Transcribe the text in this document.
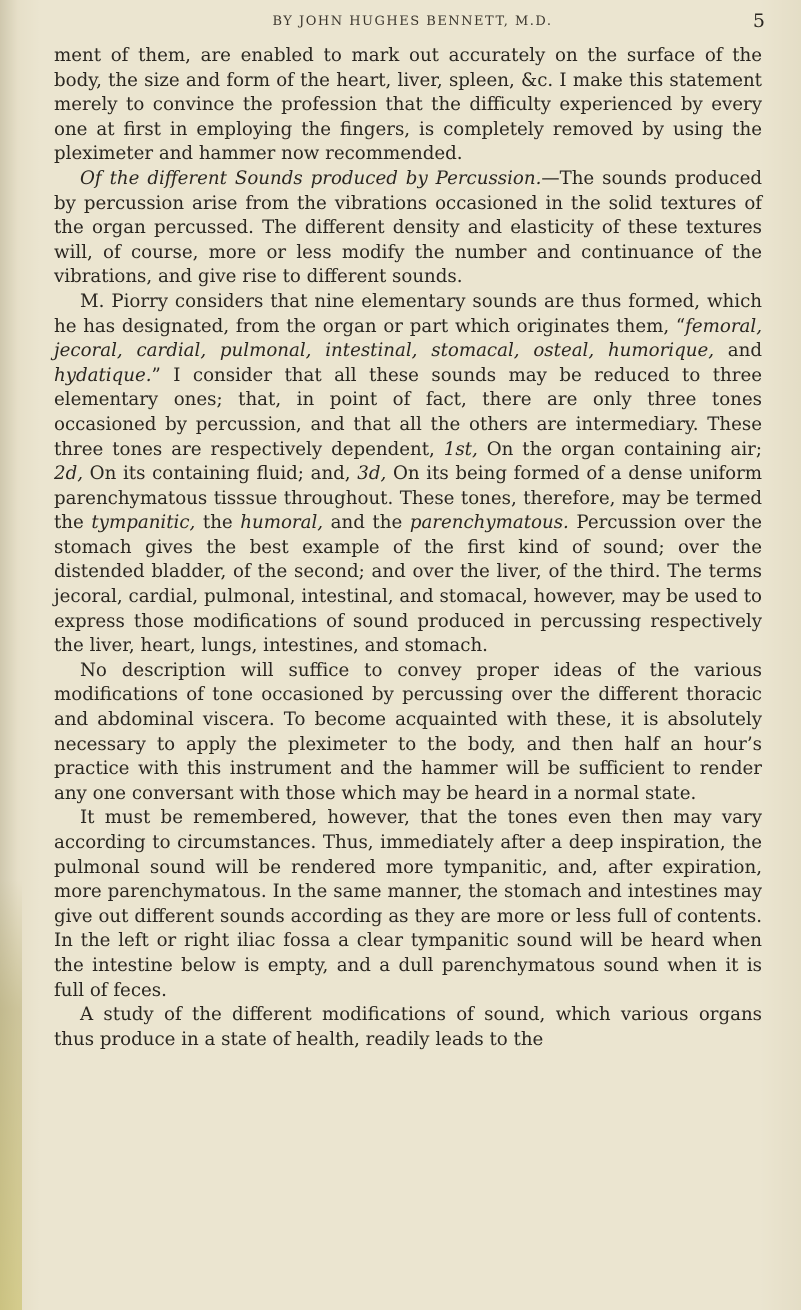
BY JOHN HUGHES BENNETT, M.D.	5

ment of them, are enabled to mark out accurately on the surface of the body, the size and form of the heart, liver, spleen, &c. I make this statement merely to convince the profession that the difficulty experienced by every one at first in employing the fingers, is completely removed by using the pleximeter and hammer now recommended.

Of the different Sounds produced by Percussion.—The sounds produced by percussion arise from the vibrations occasioned in the solid textures of the organ percussed. The different density and elasticity of these textures will, of course, more or less modify the number and continuance of the vibrations, and give rise to different sounds.

M. Piorry considers that nine elementary sounds are thus formed, which he has designated, from the organ or part which originates them, “femoral, jecoral, cardial, pulmonal, intestinal, stomacal, osteal, humorique, and hydatique.” I consider that all these sounds may be reduced to three elementary ones; that, in point of fact, there are only three tones occasioned by percussion, and that all the others are intermediary. These three tones are respectively dependent, 1st, On the organ containing air; 2d, On its containing fluid; and, 3d, On its being formed of a dense uniform parenchymatous tisssue throughout. These tones, therefore, may be termed the tympanitic, the humoral, and the parenchymatous. Percussion over the stomach gives the best example of the first kind of sound; over the distended bladder, of the second; and over the liver, of the third. The terms jecoral, cardial, pulmonal, intestinal, and stomacal, however, may be used to express those modifications of sound produced in percussing respectively the liver, heart, lungs, intestines, and stomach.

No description will suffice to convey proper ideas of the various modifications of tone occasioned by percussing over the different thoracic and abdominal viscera. To become acquainted with these, it is absolutely necessary to apply the pleximeter to the body, and then half an hour’s practice with this instrument and the hammer will be sufficient to render any one conversant with those which may be heard in a normal state.

It must be remembered, however, that the tones even then may vary according to circumstances. Thus, immediately after a deep inspiration, the pulmonal sound will be rendered more tympanitic, and, after expiration, more parenchymatous. In the same manner, the stomach and intestines may give out different sounds according as they are more or less full of contents. In the left or right iliac fossa a clear tympanitic sound will be heard when the intestine below is empty, and a dull parenchymatous sound when it is full of feces.

A study of the different modifications of sound, which various organs thus produce in a state of health, readily leads to the
